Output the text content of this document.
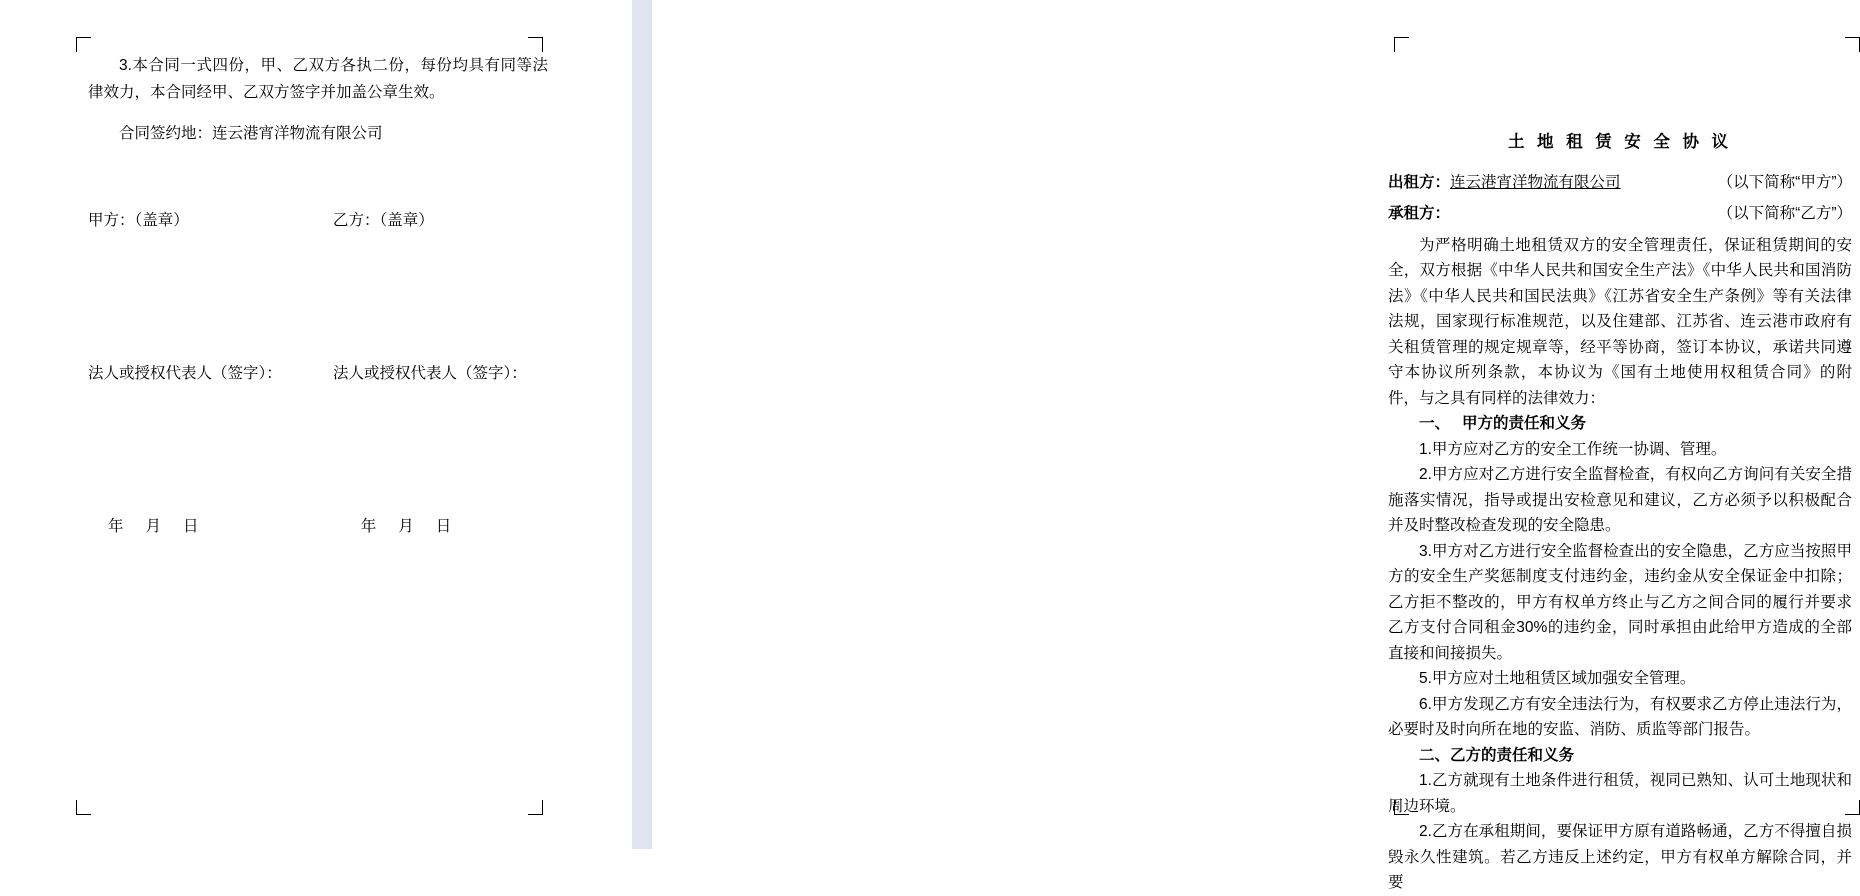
3.本合同一式四份，甲、乙双方各执二份，每份均具有同等法律效力，本合同经甲、乙双方签字并加盖公章生效。

合同签约地：连云港宵洋物流有限公司

甲方：（盖章）	乙方：（盖章）
法人或授权代表人（签字）：	法人或授权代表人（签字）：
年 月 日	年 月 日

土 地 租 赁 安 全 协 议

出租方： 连云港宵洋物流有限公司	（以下简称“甲方”）
承租方：	（以下简称“乙方”）

为严格明确土地租赁双方的安全管理责任，保证租赁期间的安全，双方根据《中华人民共和国安全生产法》《中华人民共和国消防法》《中华人民共和国民法典》《江苏省安全生产条例》等有关法律法规，国家现行标准规范，以及住建部、江苏省、连云港市政府有关租赁管理的规定规章等，经平等协商，签订本协议，承诺共同遵守本协议所列条款，本协议为《国有土地使用权租赁合同》的附件，与之具有同样的法律效力：

一、 甲方的责任和义务

1.甲方应对乙方的安全工作统一协调、管理。

2.甲方应对乙方进行安全监督检查，有权向乙方询问有关安全措施落实情况，指导或提出安检意见和建议，乙方必须予以积极配合并及时整改检查发现的安全隐患。

3.甲方对乙方进行安全监督检查出的安全隐患，乙方应当按照甲方的安全生产奖惩制度支付违约金，违约金从安全保证金中扣除；乙方拒不整改的，甲方有权单方终止与乙方之间合同的履行并要求乙方支付合同租金30%的违约金，同时承担由此给甲方造成的全部直接和间接损失。

5.甲方应对土地租赁区域加强安全管理。

6.甲方发现乙方有安全违法行为，有权要求乙方停止违法行为，必要时及时向所在地的安监、消防、质监等部门报告。

二、乙方的责任和义务

1.乙方就现有土地条件进行租赁，视同已熟知、认可土地现状和周边环境。

2.乙方在承租期间，要保证甲方原有道路畅通，乙方不得擅自损毁永久性建筑。若乙方违反上述约定，甲方有权单方解除合同，并要
